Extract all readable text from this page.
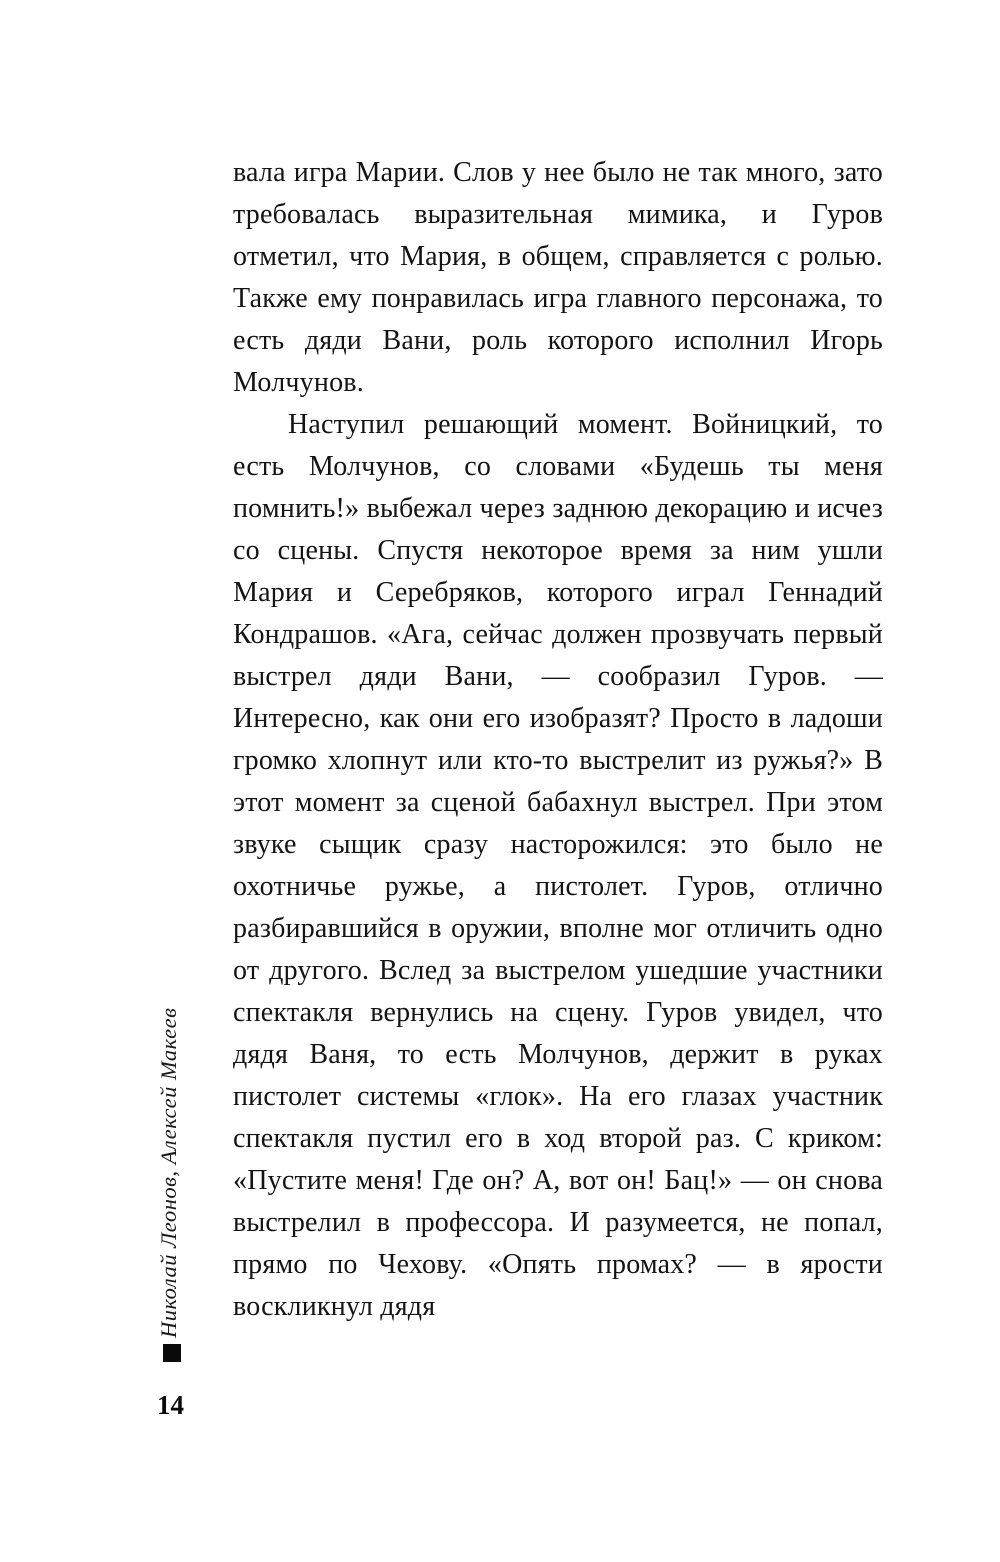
вала игра Марии. Слов у нее было не так много, зато требовалась выразительная мимика, и Гуров отметил, что Мария, в общем, справляется с ролью. Также ему понравилась игра главного персонажа, то есть дяди Вани, роль которого исполнил Игорь Молчунов.

Наступил решающий момент. Войницкий, то есть Молчунов, со словами «Будешь ты меня помнить!» выбежал через заднюю декорацию и исчез со сцены. Спустя некоторое время за ним ушли Мария и Серебряков, которого играл Геннадий Кондрашов. «Ага, сейчас должен прозвучать первый выстрел дяди Вани, — сообразил Гуров. — Интересно, как они его изобразят? Просто в ладоши громко хлопнут или кто-то выстрелит из ружья?» В этот момент за сценой бабахнул выстрел. При этом звуке сыщик сразу насторожился: это было не охотничье ружье, а пистолет. Гуров, отлично разбиравшийся в оружии, вполне мог отличить одно от другого. Вслед за выстрелом ушедшие участники спектакля вернулись на сцену. Гуров увидел, что дядя Ваня, то есть Молчунов, держит в руках пистолет системы «глок». На его глазах участник спектакля пустил его в ход второй раз. С криком: «Пустите меня! Где он? А, вот он! Бац!» — он снова выстрелил в профессора. И разумеется, не попал, прямо по Чехову. «Опять промах? — в ярости воскликнул дядя

Николай Леонов, Алексей Макеев
14
